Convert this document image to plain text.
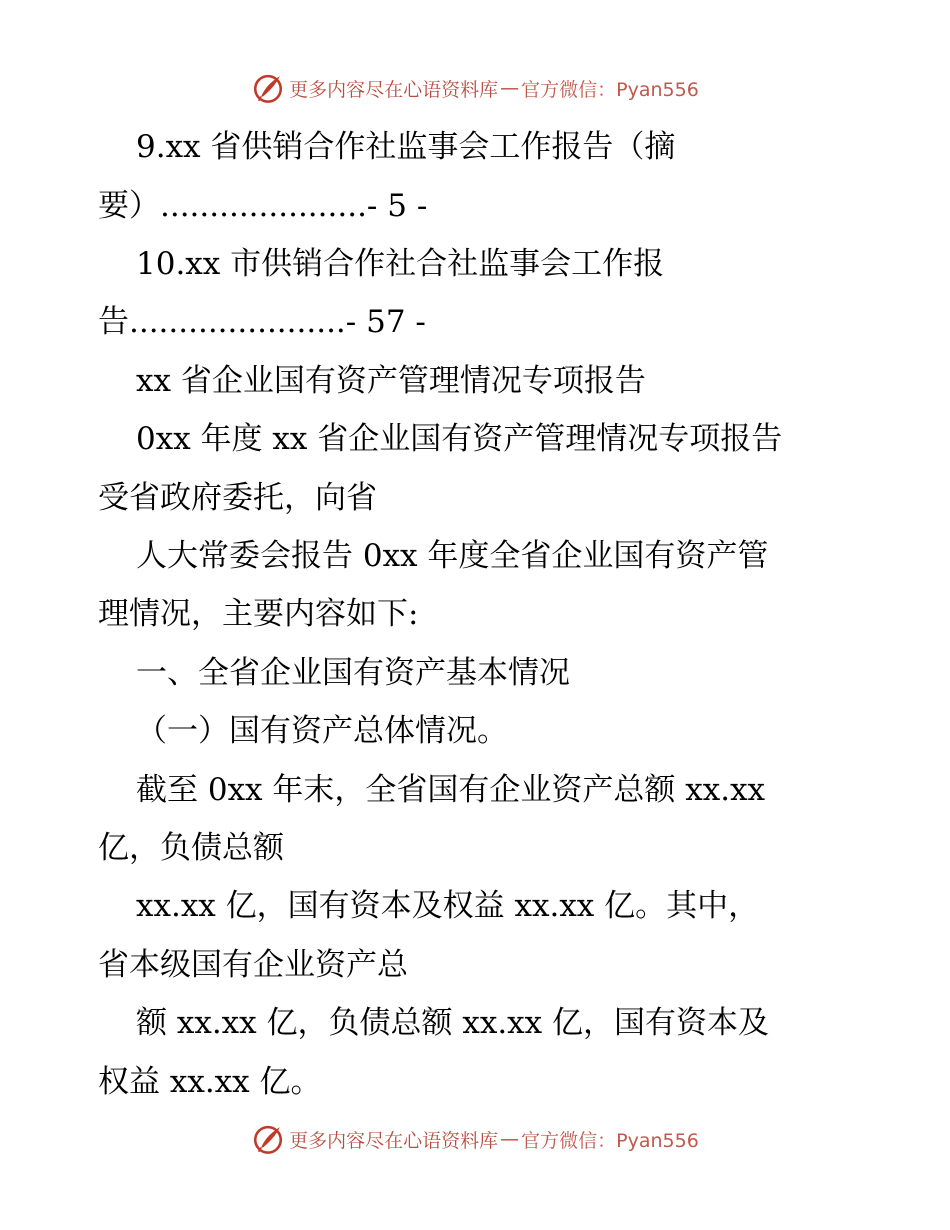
更多内容尽在心语资料库 — 官方微信：Pyan556
9.xx 省供销合作社监事会工作报告（摘
要）.....................- 5 -
10.xx 市供销合作社合社监事会工作报
告......................- 57 -
xx 省企业国有资产管理情况专项报告
0xx 年度 xx 省企业国有资产管理情况专项报告
受省政府委托，向省
人大常委会报告 0xx 年度全省企业国有资产管
理情况，主要内容如下:
一、全省企业国有资产基本情况
（一）国有资产总体情况。
截至 0xx 年末，全省国有企业资产总额 xx.xx
亿，负债总额
xx.xx 亿，国有资本及权益 xx.xx 亿。其中，
省本级国有企业资产总
额 xx.xx 亿，负债总额 xx.xx 亿，国有资本及
权益 xx.xx 亿。
更多内容尽在心语资料库 — 官方微信：Pyan556
